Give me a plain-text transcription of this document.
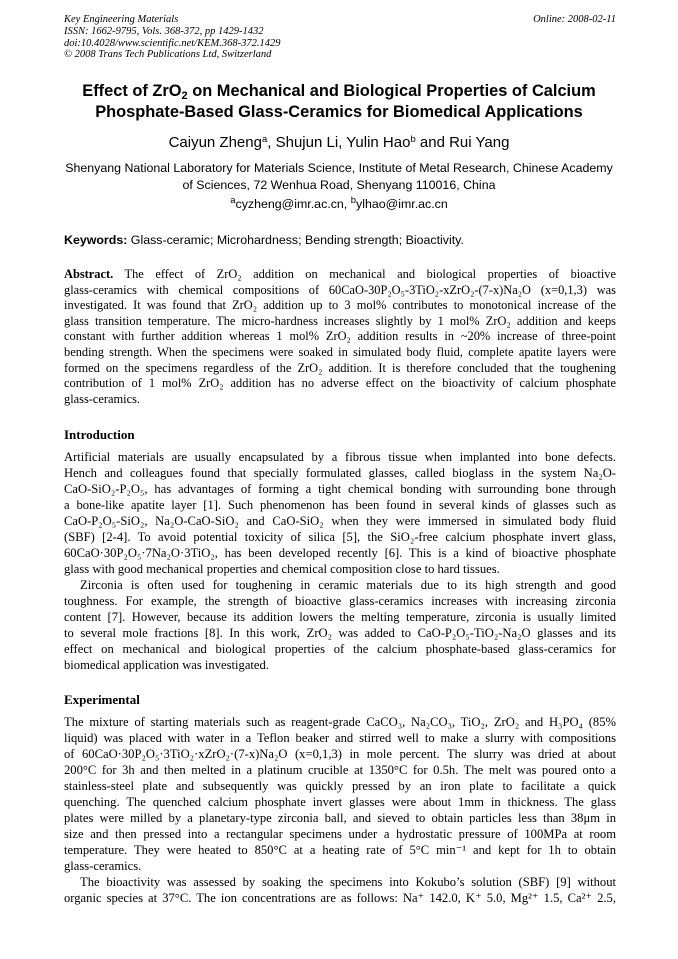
Key Engineering Materials
ISSN: 1662-9795, Vols. 368-372, pp 1429-1432
doi:10.4028/www.scientific.net/KEM.368-372.1429
© 2008 Trans Tech Publications Ltd, Switzerland
Online: 2008-02-11
Effect of ZrO$_2$ on Mechanical and Biological Properties of Calcium
Phosphate-Based Glass-Ceramics for Biomedical Applications
Caiyun Zheng$^a$, Shujun Li, Yulin Hao$^b$ and Rui Yang
Shenyang National Laboratory for Materials Science, Institute of Metal Research, Chinese Academy
of Sciences, 72 Wenhua Road, Shenyang 110016, China
$^a$cyzheng@imr.ac.cn, $^b$ylhao@imr.ac.cn
Keywords: Glass-ceramic; Microhardness; Bending strength; Bioactivity.
Abstract. The effect of ZrO₂ addition on mechanical and biological properties of bioactive
glass-ceramics with chemical compositions of 60CaO-30P₂O₅-3TiO₂-xZrO₂-(7-x)Na₂O (x=0,1,3) was
investigated. It was found that ZrO₂ addition up to 3 mol% contributes to monotonical increase of the
glass transition temperature. The micro-hardness increases slightly by 1 mol% ZrO₂ addition and keeps
constant with further addition whereas 1 mol% ZrO₂ addition results in ~20% increase of three-point
bending strength. When the specimens were soaked in simulated body fluid, complete apatite layers were
formed on the specimens regardless of the ZrO₂ addition. It is therefore concluded that the toughening
contribution of 1 mol% ZrO₂ addition has no adverse effect on the bioactivity of calcium phosphate
glass-ceramics.
Introduction
Artificial materials are usually encapsulated by a fibrous tissue when implanted into bone defects.
Hench and colleagues found that specially formulated glasses, called bioglass in the system Na₂O-
CaO-SiO₂-P₂O₅, has advantages of forming a tight chemical bonding with surrounding bone through
a bone-like apatite layer [1]. Such phenomenon has been found in several kinds of glasses such as
CaO-P₂O₅-SiO₂, Na₂O-CaO-SiO₂ and CaO-SiO₂ when they were immersed in simulated body fluid
(SBF) [2-4]. To avoid potential toxicity of silica [5], the SiO₂-free calcium phosphate invert glass,
60CaO·30P₂O₅·7Na₂O·3TiO₂, has been developed recently [6]. This is a kind of bioactive phosphate
glass with good mechanical properties and chemical composition close to hard tissues.
Zirconia is often used for toughening in ceramic materials due to its high strength and good
toughness. For example, the strength of bioactive glass-ceramics increases with increasing zirconia
content [7]. However, because its addition lowers the melting temperature, zirconia is usually limited
to several mole fractions [8]. In this work, ZrO₂ was added to CaO-P₂O₅-TiO₂-Na₂O glasses and its
effect on mechanical and biological properties of the calcium phosphate-based glass-ceramics for
biomedical application was investigated.
Experimental
The mixture of starting materials such as reagent-grade CaCO₃, Na₂CO₃, TiO₂, ZrO₂ and H₃PO₄ (85%
liquid) was placed with water in a Teflon beaker and stirred well to make a slurry with compositions
of 60CaO·30P₂O₅·3TiO₂·xZrO₂·(7-x)Na₂O (x=0,1,3) in mole percent. The slurry was dried at about
200°C for 3h and then melted in a platinum crucible at 1350°C for 0.5h. The melt was poured onto a
stainless-steel plate and subsequently was quickly pressed by an iron plate to facilitate a quick
quenching. The quenched calcium phosphate invert glasses were about 1mm in thickness. The glass
plates were milled by a planetary-type zirconia ball, and sieved to obtain particles less than 38μm in
size and then pressed into a rectangular specimens under a hydrostatic pressure of 100MPa at room
temperature. They were heated to 850°C at a heating rate of 5°C min⁻¹ and kept for 1h to obtain
glass-ceramics.
The bioactivity was assessed by soaking the specimens into Kokubo’s solution (SBF) [9] without
organic species at 37°C. The ion concentrations are as follows: Na⁺ 142.0, K⁺ 5.0, Mg²⁺ 1.5, Ca²⁺ 2.5,
